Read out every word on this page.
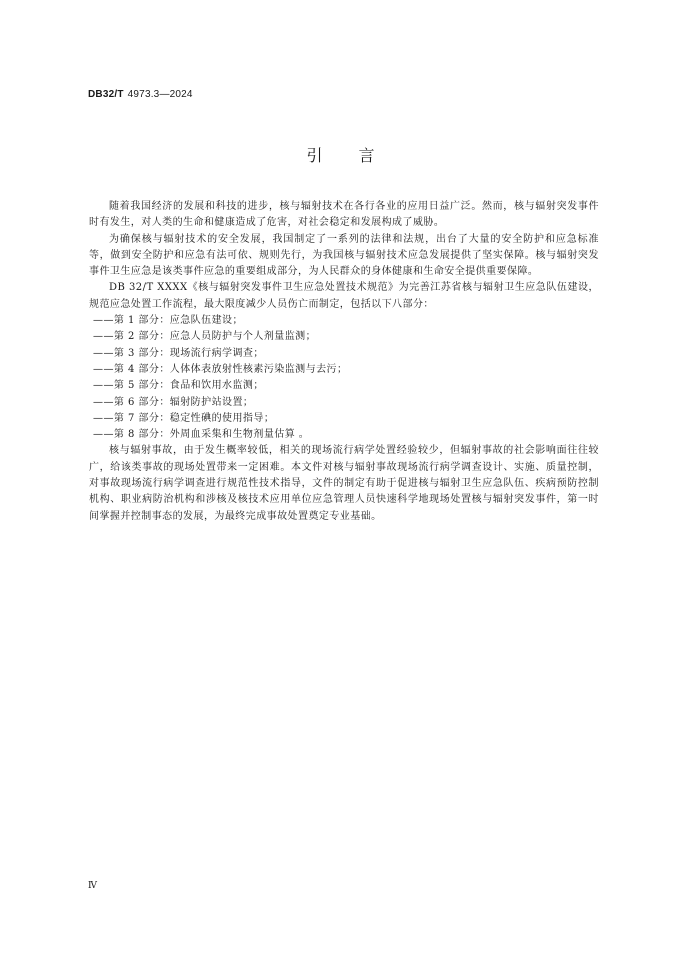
DB32/T 4973.3—2024
引言

随着我国经济的发展和科技的进步，核与辐射技术在各行各业的应用日益广泛。然而，核与辐射突发事件时有发生，对人类的生命和健康造成了危害，对社会稳定和发展构成了威胁。

为确保核与辐射技术的安全发展，我国制定了一系列的法律和法规，出台了大量的安全防护和应急标准等，做到安全防护和应急有法可依、规则先行，为我国核与辐射技术应急发展提供了坚实保障。核与辐射突发事件卫生应急是该类事件应急的重要组成部分，为人民群众的身体健康和生命安全提供重要保障。

DB 32/T XXXX《核与辐射突发事件卫生应急处置技术规范》为完善江苏省核与辐射卫生应急队伍建设，规范应急处置工作流程，最大限度减少人员伤亡而制定，包括以下八部分：

——第 1 部分：应急队伍建设；
——第 2 部分：应急人员防护与个人剂量监测；
——第 3 部分：现场流行病学调查；
——第 4 部分：人体体表放射性核素污染监测与去污；
——第 5 部分：食品和饮用水监测；
——第 6 部分：辐射防护站设置；
——第 7 部分：稳定性碘的使用指导；
——第 8 部分：外周血采集和生物剂量估算 。

核与辐射事故，由于发生概率较低，相关的现场流行病学处置经验较少，但辐射事故的社会影响面往往较广，给该类事故的现场处置带来一定困难。本文件对核与辐射事故现场流行病学调查设计、实施、质量控制，对事故现场流行病学调查进行规范性技术指导，文件的制定有助于促进核与辐射卫生应急队伍、疾病预防控制机构、职业病防治机构和涉核及核技术应用单位应急管理人员快速科学地现场处置核与辐射突发事件，第一时间掌握并控制事态的发展，为最终完成事故处置奠定专业基础。

Ⅳ
